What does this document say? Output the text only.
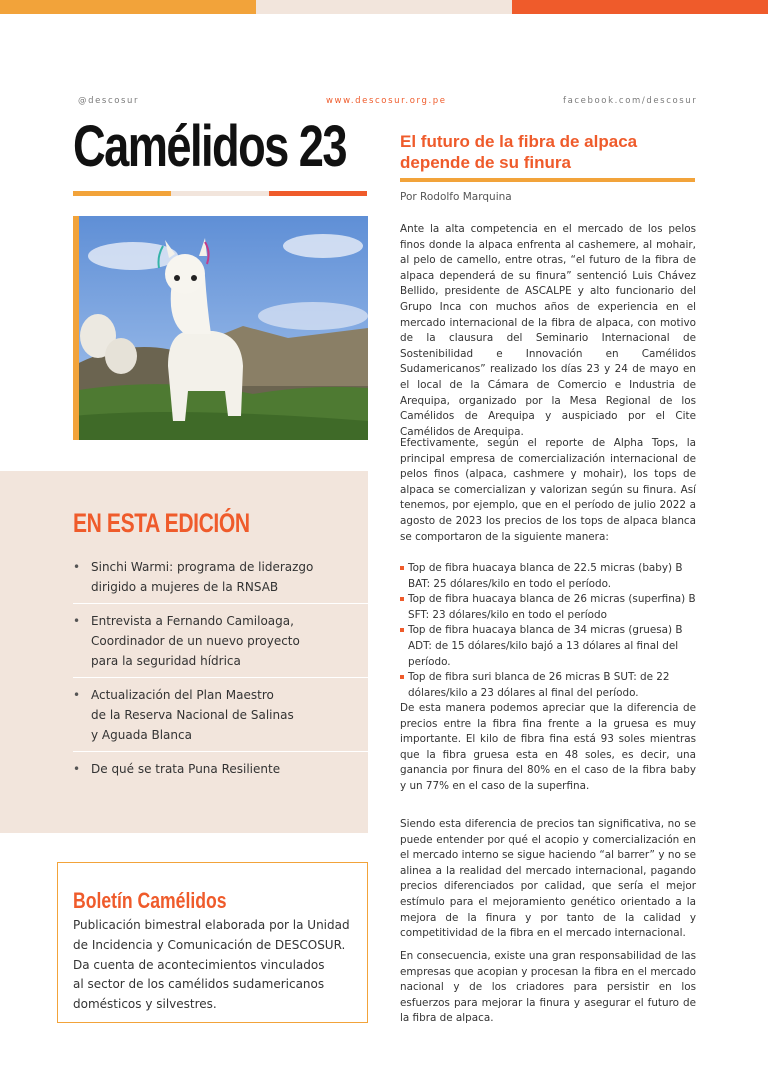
@descosur	www.descosur.org.pe	facebook.com/descosur
Camélidos 23
EN ESTA EDICIÓN
• Sinchi Warmi: programa de liderazgo
dirigido a mujeres de la RNSAB
• Entrevista a Fernando Camiloaga,
Coordinador de un nuevo proyecto
para la seguridad hídrica
• Actualización del Plan Maestro
de la Reserva Nacional de Salinas
y Aguada Blanca
• De qué se trata Puna Resiliente
Boletín Camélidos
Publicación bimestral elaborada por la Unidad
de Incidencia y Comunicación de DESCOSUR.
Da cuenta de acontecimientos vinculados
al sector de los camélidos sudamericanos
domésticos y silvestres.
El futuro de la fibra de alpaca
depende de su finura
Por Rodolfo Marquina

Ante la alta competencia en el mercado de los pelos finos donde la alpaca enfrenta al cashemere, al mohair, al pelo de camello, entre otras, “el futuro de la fibra de alpaca dependerá de su finura” sentenció Luis Chávez Bellido, presidente de ASCALPE y alto funcionario del Grupo Inca con muchos años de experiencia en el mercado internacional de la fibra de alpaca, con motivo de la clausura del Seminario Internacional de Sostenibilidad e Innovación en Camélidos Sudamericanos” realizado los días 23 y 24 de mayo en el local de la Cámara de Comercio e Industria de Arequipa, organizado por la Mesa Regional de los Camélidos de Arequipa y auspiciado por el Cite Camélidos de Arequipa.

Efectivamente, según el reporte de Alpha Tops, la principal empresa de comercialización internacional de pelos finos (alpaca, cashmere y mohair), los tops de alpaca se comercializan y valorizan según su finura. Así tenemos, por ejemplo, que en el período de julio 2022 a agosto de 2023 los precios de los tops de alpaca blanca se comportaron de la siguiente manera:

Top de fibra huacaya blanca de 22.5 micras (baby) B BAT: 25 dólares/kilo en todo el período.
Top de fibra huacaya blanca de 26 micras (superfina) B SFT: 23 dólares/kilo en todo el período
Top de fibra huacaya blanca de 34 micras (gruesa) B ADT: de 15 dólares/kilo bajó a 13 dólares al final del período.
Top de fibra suri blanca de 26 micras B SUT: de 22 dólares/kilo a 23 dólares al final del período.

De esta manera podemos apreciar que la diferencia de precios entre la fibra fina frente a la gruesa es muy importante. El kilo de fibra fina está 93 soles mientras que la fibra gruesa esta en 48 soles, es decir, una ganancia por finura del 80% en el caso de la fibra baby y un 77% en el caso de la superfina.

Siendo esta diferencia de precios tan significativa, no se puede entender por qué el acopio y comercialización en el mercado interno se sigue haciendo “al barrer” y no se alinea a la realidad del mercado internacional, pagando precios diferenciados por calidad, que sería el mejor estímulo para el mejoramiento genético orientado a la mejora de la finura y por tanto de la calidad y competitividad de la fibra en el mercado internacional.

En consecuencia, existe una gran responsabilidad de las empresas que acopian y procesan la fibra en el mercado nacional y de los criadores para persistir en los esfuerzos para mejorar la finura y asegurar el futuro de la fibra de alpaca.
